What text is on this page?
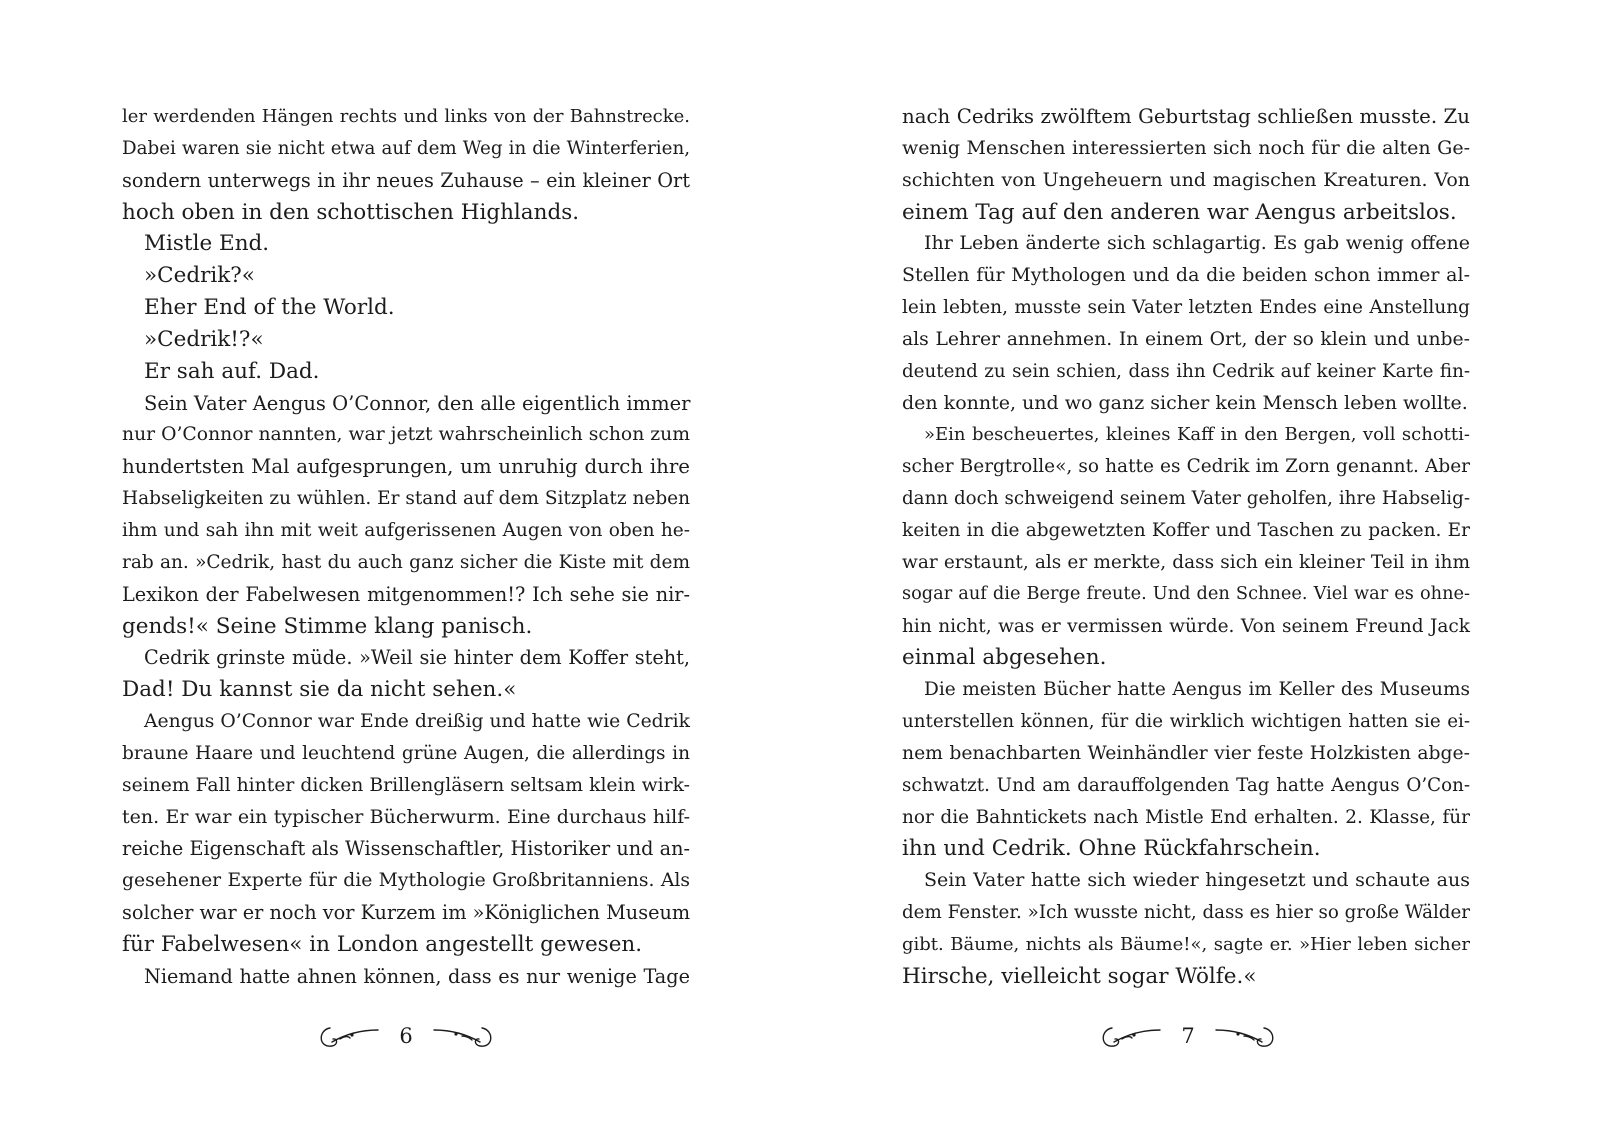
ler werdenden Hängen rechts und links von der Bahnstrecke.
Dabei waren sie nicht etwa auf dem Weg in die Winterferien,
sondern unterwegs in ihr neues Zuhause – ein kleiner Ort
hoch oben in den schottischen Highlands.
Mistle End.
»Cedrik?«
Eher End of the World.
»Cedrik!?«
Er sah auf. Dad.
Sein Vater Aengus O’Connor, den alle eigentlich immer
nur O’Connor nannten, war jetzt wahrscheinlich schon zum
hundertsten Mal aufgesprungen, um unruhig durch ihre
Habseligkeiten zu wühlen. Er stand auf dem Sitzplatz neben
ihm und sah ihn mit weit aufgerissenen Augen von oben he-
rab an. »Cedrik, hast du auch ganz sicher die Kiste mit dem
Lexikon der Fabelwesen mitgenommen!? Ich sehe sie nir-
gends!« Seine Stimme klang panisch.
Cedrik grinste müde. »Weil sie hinter dem Koffer steht,
Dad! Du kannst sie da nicht sehen.«
Aengus O’Connor war Ende dreißig und hatte wie Cedrik
braune Haare und leuchtend grüne Augen, die allerdings in
seinem Fall hinter dicken Brillengläsern seltsam klein wirk-
ten. Er war ein typischer Bücherwurm. Eine durchaus hilf-
reiche Eigenschaft als Wissenschaftler, Historiker und an-
gesehener Experte für die Mythologie Großbritanniens. Als
solcher war er noch vor Kurzem im »Königlichen Museum
für Fabelwesen« in London angestellt gewesen.
Niemand hatte ahnen können, dass es nur wenige Tage
6
nach Cedriks zwölftem Geburtstag schließen musste. Zu
wenig Menschen interessierten sich noch für die alten Ge-
schichten von Ungeheuern und magischen Kreaturen. Von
einem Tag auf den anderen war Aengus arbeitslos.
Ihr Leben änderte sich schlagartig. Es gab wenig offene
Stellen für Mythologen und da die beiden schon immer al-
lein lebten, musste sein Vater letzten Endes eine Anstellung
als Lehrer annehmen. In einem Ort, der so klein und unbe-
deutend zu sein schien, dass ihn Cedrik auf keiner Karte fin-
den konnte, und wo ganz sicher kein Mensch leben wollte.
»Ein bescheuertes, kleines Kaff in den Bergen, voll schotti-
scher Bergtrolle«, so hatte es Cedrik im Zorn genannt. Aber
dann doch schweigend seinem Vater geholfen, ihre Habselig-
keiten in die abgewetzten Koffer und Taschen zu packen. Er
war erstaunt, als er merkte, dass sich ein kleiner Teil in ihm
sogar auf die Berge freute. Und den Schnee. Viel war es ohne-
hin nicht, was er vermissen würde. Von seinem Freund Jack
einmal abgesehen.
Die meisten Bücher hatte Aengus im Keller des Museums
unterstellen können, für die wirklich wichtigen hatten sie ei-
nem benachbarten Weinhändler vier feste Holzkisten abge-
schwatzt. Und am darauffolgenden Tag hatte Aengus O’Con-
nor die Bahntickets nach Mistle End erhalten. 2. Klasse, für
ihn und Cedrik. Ohne Rückfahrschein.
Sein Vater hatte sich wieder hingesetzt und schaute aus
dem Fenster. »Ich wusste nicht, dass es hier so große Wälder
gibt. Bäume, nichts als Bäume!«, sagte er. »Hier leben sicher
Hirsche, vielleicht sogar Wölfe.«
7
